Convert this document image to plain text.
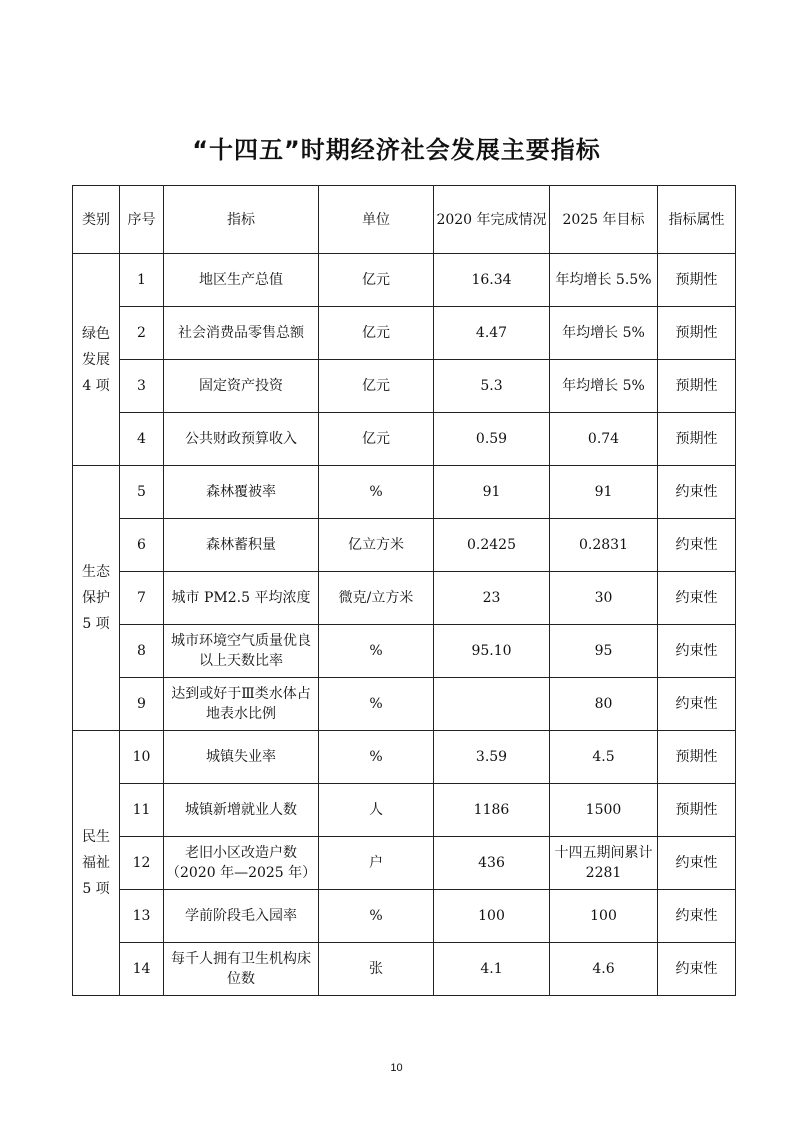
“十四五”时期经济社会发展主要指标
类别	序号	指标	单位	2020 年完成情况	2025 年目标	指标属性

绿色
发展
4 项	1	地区生产总值	亿元	16.34	年均增长 5.5%	预期性
	2	社会消费品零售总额	亿元	4.47	年均增长 5%	预期性
	3	固定资产投资	亿元	5.3	年均增长 5%	预期性
	4	公共财政预算收入	亿元	0.59	0.74	预期性

生态
保护
5 项	5	森林覆被率	%	91	91	约束性
	6	森林蓄积量	亿立方米	0.2425	0.2831	约束性
	7	城市 PM2.5 平均浓度	微克/立方米	23	30	约束性
	8	城市环境空气质量优良以上天数比率	%	95.10	95	约束性
	9	达到或好于Ⅲ类水体占地表水比例	%		80	约束性

民生
福祉
5 项	10	城镇失业率	%	3.59	4.5	预期性
	11	城镇新增就业人数	人	1186	1500	预期性
	12	老旧小区改造户数（2020 年—2025 年）	户	436	十四五期间累计 2281	约束性
	13	学前阶段毛入园率	%	100	100	约束性
	14	每千人拥有卫生机构床位数	张	4.1	4.6	约束性
10
